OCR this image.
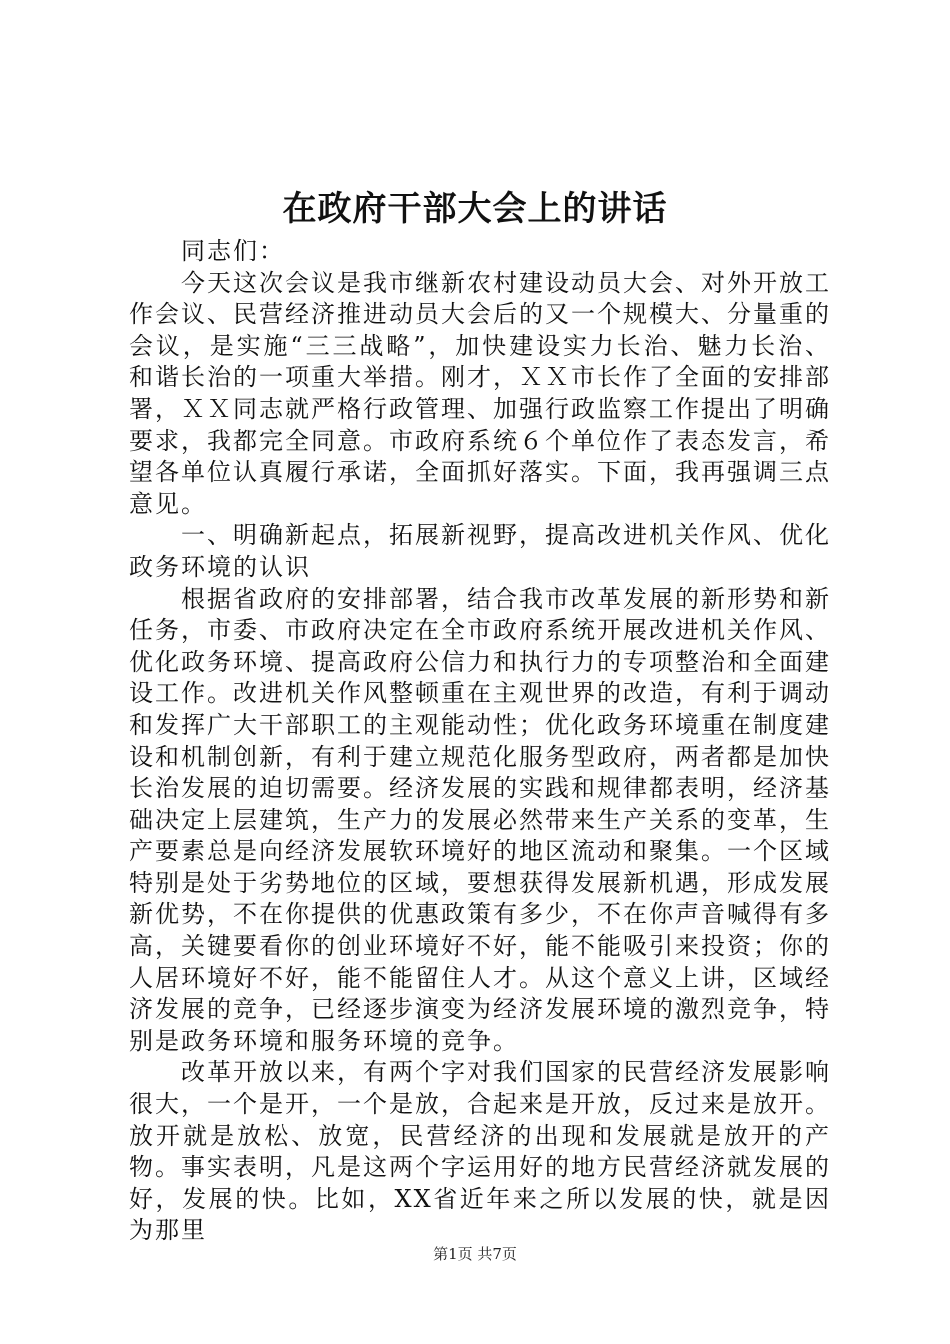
在政府干部大会上的讲话

同志们：

今天这次会议是我市继新农村建设动员大会、对外开放工作会议、民营经济推进动员大会后的又一个规模大、分量重的会议，是实施“三三战略”，加快建设实力长治、魅力长治、和谐长治的一项重大举措。刚才，ＸＸ市长作了全面的安排部署，ＸＸ同志就严格行政管理、加强行政监察工作提出了明确要求，我都完全同意。市政府系统６个单位作了表态发言，希望各单位认真履行承诺，全面抓好落实。下面，我再强调三点意见。

一、明确新起点，拓展新视野，提高改进机关作风、优化政务环境的认识

根据省政府的安排部署，结合我市改革发展的新形势和新任务，市委、市政府决定在全市政府系统开展改进机关作风、优化政务环境、提高政府公信力和执行力的专项整治和全面建设工作。改进机关作风整顿重在主观世界的改造，有利于调动和发挥广大干部职工的主观能动性；优化政务环境重在制度建设和机制创新，有利于建立规范化服务型政府，两者都是加快长治发展的迫切需要。经济发展的实践和规律都表明，经济基础决定上层建筑，生产力的发展必然带来生产关系的变革，生产要素总是向经济发展软环境好的地区流动和聚集。一个区域特别是处于劣势地位的区域，要想获得发展新机遇，形成发展新优势，不在你提供的优惠政策有多少，不在你声音喊得有多高，关键要看你的创业环境好不好，能不能吸引来投资；你的人居环境好不好，能不能留住人才。从这个意义上讲，区域经济发展的竞争，已经逐步演变为经济发展环境的激烈竞争，特别是政务环境和服务环境的竞争。

改革开放以来，有两个字对我们国家的民营经济发展影响很大，一个是开，一个是放，合起来是开放，反过来是放开。放开就是放松、放宽，民营经济的出现和发展就是放开的产物。事实表明，凡是这两个字运用好的地方民营经济就发展的好，发展的快。比如，XX省近年来之所以发展的快，就是因为那里

第1页 共7页
